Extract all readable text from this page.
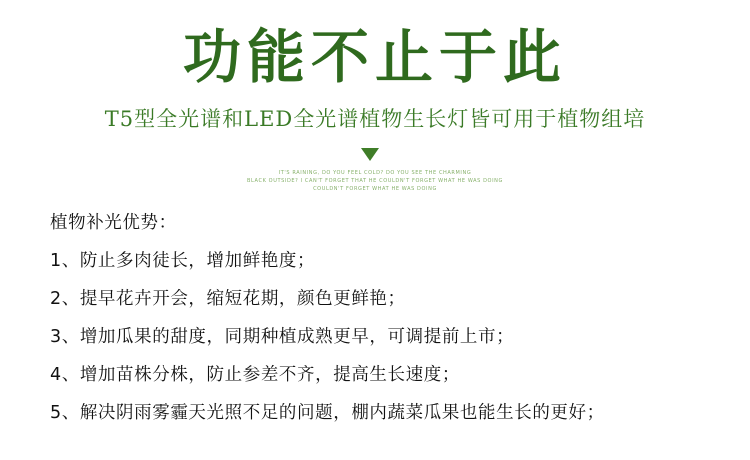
功能不止于此
T5型全光谱和LED全光谱植物生长灯皆可用于植物组培
IT'S RAINING, DO YOU FEEL COLD? DO YOU SEE THE CHARMING
BLACK OUTSIDE? I CAN'T FORGET THAT HE COULDN'T FORGET WHAT HE WAS DOING
COULDN'T FORGET WHAT HE WAS DOING
植物补光优势：
1、防止多肉徒长，增加鲜艳度；
2、提早花卉开会，缩短花期，颜色更鲜艳；
3、增加瓜果的甜度，同期种植成熟更早，可调提前上市；
4、增加苗株分株，防止参差不齐，提高生长速度；
5、解决阴雨雾霾天光照不足的问题，棚内蔬菜瓜果也能生长的更好；
